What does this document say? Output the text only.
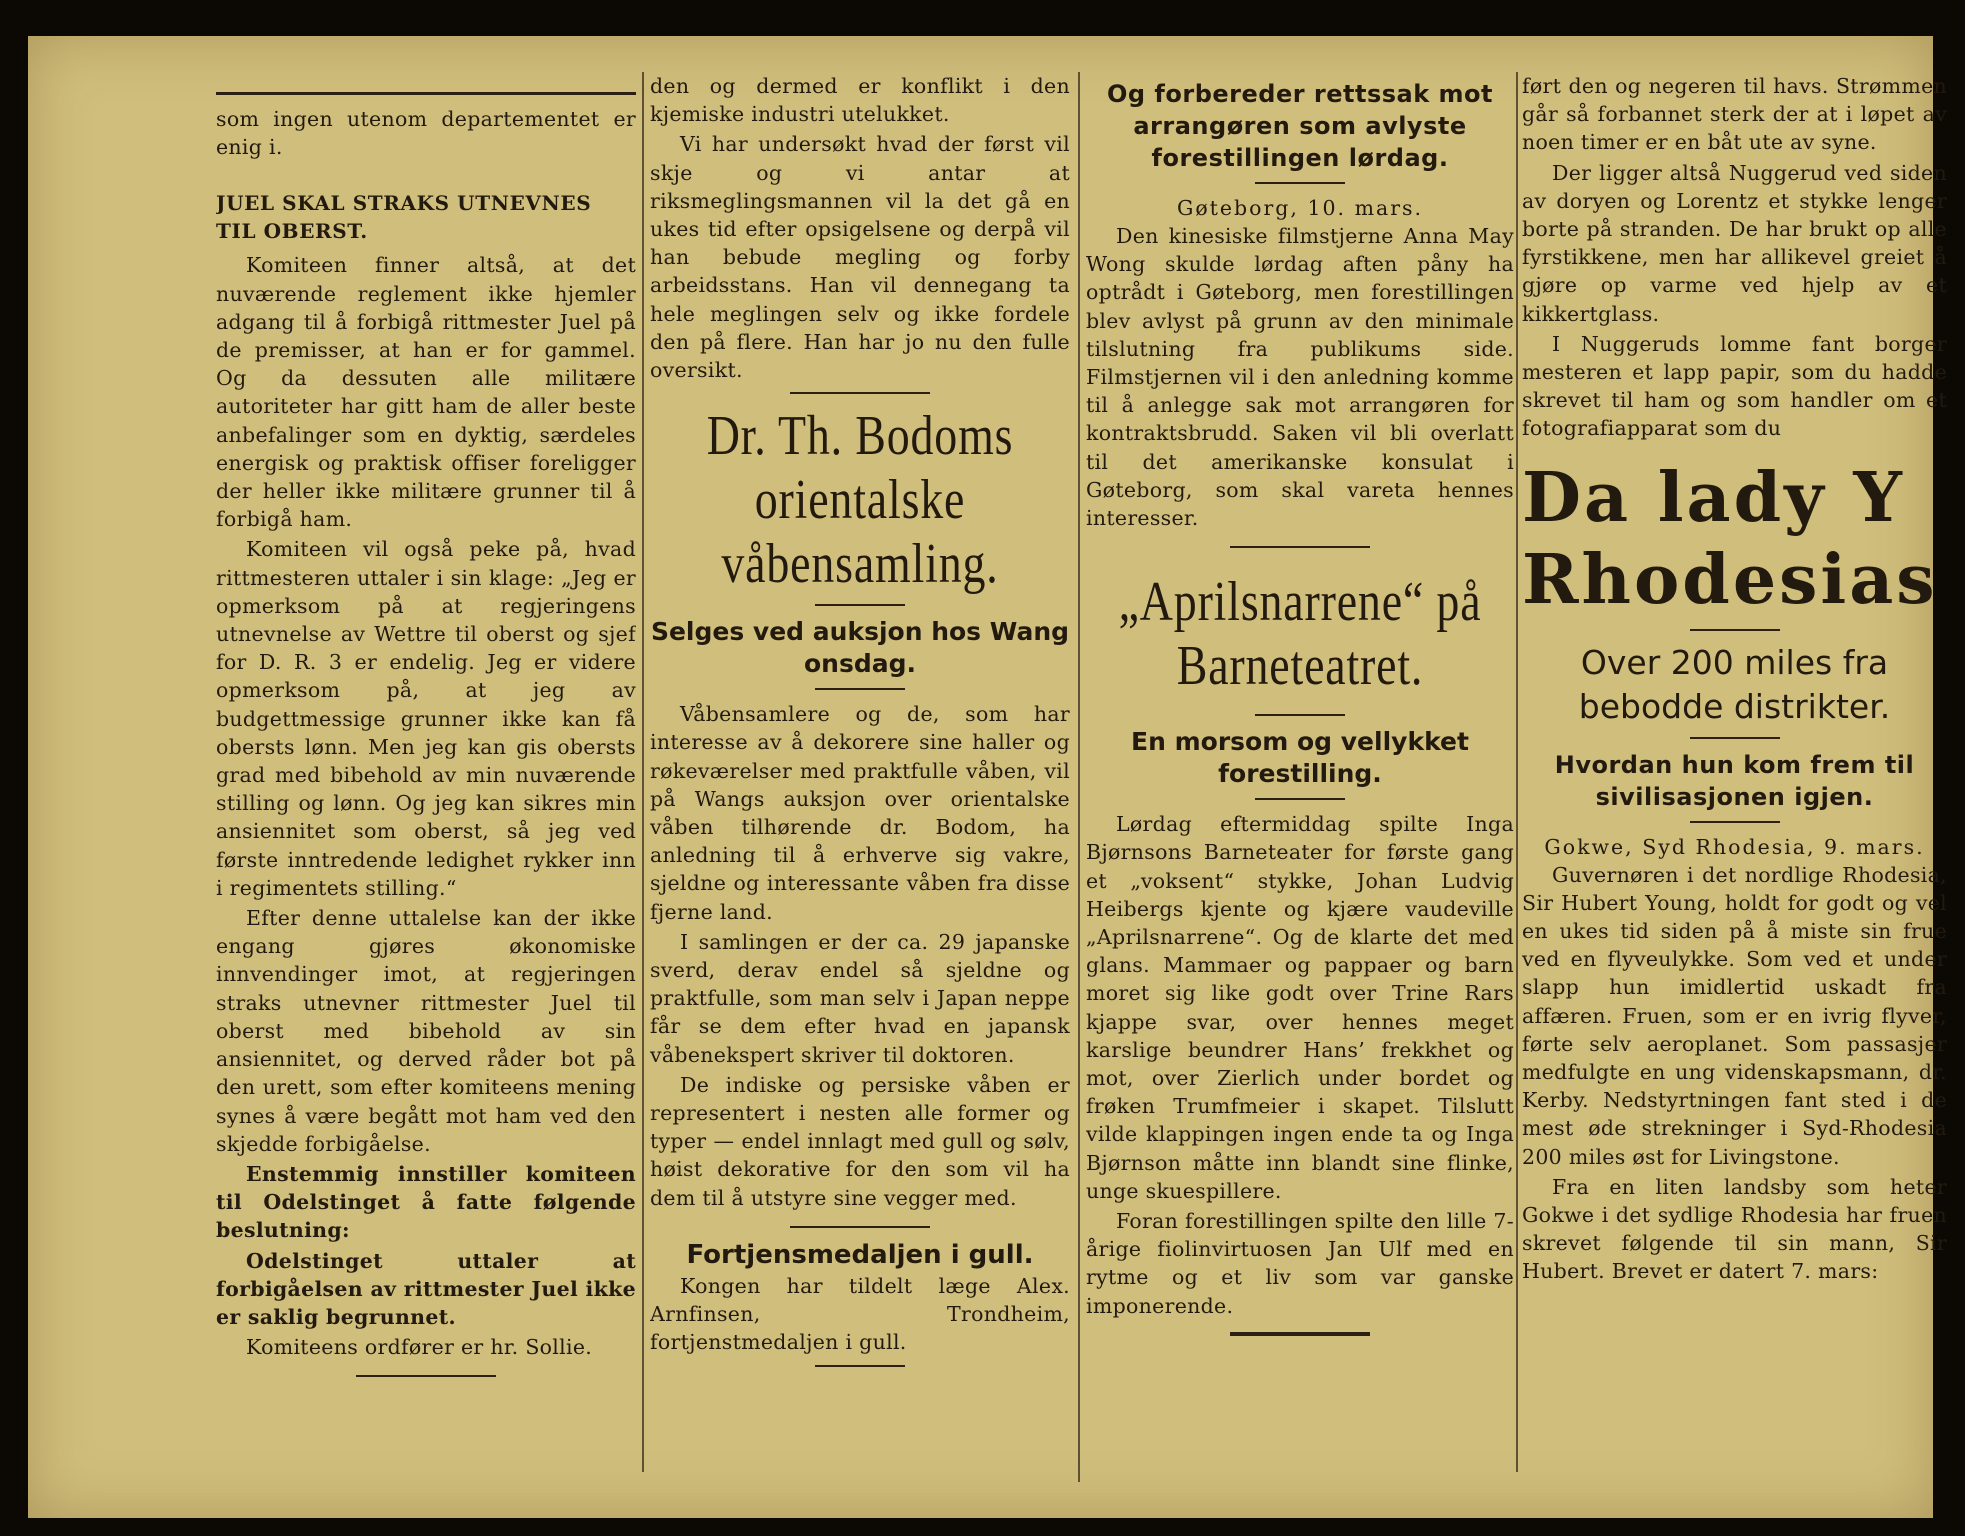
som ingen utenom departementet er enig i.

JUEL SKAL STRAKS UTNEVNES TIL OBERST.

Komiteen finner altså, at det nuværende reglement ikke hjemler adgang til å forbigå rittmester Juel på de premisser, at han er for gammel. Og da dessuten alle militære autoriteter har gitt ham de aller beste anbefalinger som en dyktig, særdeles energisk og praktisk offiser foreligger der heller ikke militære grunner til å forbigå ham.

Komiteen vil også peke på, hvad rittmesteren uttaler i sin klage: „Jeg er opmerksom på at regjeringens utnevnelse av Wettre til oberst og sjef for D. R. 3 er endelig. Jeg er videre opmerksom på, at jeg av budgettmessige grunner ikke kan få obersts lønn. Men jeg kan gis obersts grad med bibehold av min nuværende stilling og lønn. Og jeg kan sikres min ansiennitet som oberst, så jeg ved første inntredende ledighet rykker inn i regimentets stilling.“

Efter denne uttalelse kan der ikke engang gjøres økonomiske innvendinger imot, at regjeringen straks utnevner rittmester Juel til oberst med bibehold av sin ansiennitet, og derved råder bot på den urett, som efter komiteens mening synes å være begått mot ham ved den skjedde forbigåelse.

Enstemmig innstiller komiteen til Odelstinget å fatte følgende beslutning:

Odelstinget uttaler at forbigåelsen av rittmester Juel ikke er saklig begrunnet.

Komiteens ordfører er hr. Sollie.

den og dermed er konflikt i den kjemiske industri utelukket.

Vi har undersøkt hvad der først vil skje og vi antar at riksmeglingsmannen vil la det gå en ukes tid efter opsigelsene og derpå vil han bebude megling og forby arbeidsstans. Han vil dennegang ta hele meglingen selv og ikke fordele den på flere. Han har jo nu den fulle oversikt.

Dr. Th. Bodoms orientalske våbensamling.
Selges ved auksjon hos Wang onsdag.

Våbensamlere og de, som har interesse av å dekorere sine haller og røkeværelser med praktfulle våben, vil på Wangs auksjon over orientalske våben tilhørende dr. Bodom, ha anledning til å erhverve sig vakre, sjeldne og interessante våben fra disse fjerne land.

I samlingen er der ca. 29 japanske sverd, derav endel så sjeldne og praktfulle, som man selv i Japan neppe får se dem efter hvad en japansk våbenekspert skriver til doktoren.

De indiske og persiske våben er representert i nesten alle former og typer — endel innlagt med gull og sølv, høist dekorative for den som vil ha dem til å utstyre sine vegger med.

Fortjensmedaljen i gull.

Kongen har tildelt læge Alex. Arnfinsen, Trondheim, fortjenstmedaljen i gull.

Og forbereder rettssak mot arrangøren som avlyste forestillingen lørdag.
Gøteborg, 10. mars.

Den kinesiske filmstjerne Anna May Wong skulde lørdag aften påny ha optrådt i Gøteborg, men forestillingen blev avlyst på grunn av den minimale tilslutning fra publikums side. Filmstjernen vil i den anledning komme til å anlegge sak mot arrangøren for kontraktsbrudd. Saken vil bli overlatt til det amerikanske konsulat i Gøteborg, som skal vareta hennes interesser.

„Aprilsnarrene“ på Barneteatret.
En morsom og vellykket forestilling.

Lørdag eftermiddag spilte Inga Bjørnsons Barneteater for første gang et „voksent“ stykke, Johan Ludvig Heibergs kjente og kjære vaudeville „Aprilsnarrene“. Og de klarte det med glans. Mammaer og pappaer og barn moret sig like godt over Trine Rars kjappe svar, over hennes meget karslige beundrer Hans’ frekkhet og mot, over Zierlich under bordet og frøken Trumfmeier i skapet. Tilslutt vilde klappingen ingen ende ta og Inga Bjørnson måtte inn blandt sine flinke, unge skuespillere.

Foran forestillingen spilte den lille 7-årige fiolinvirtuosen Jan Ulf med en rytme og et liv som var ganske imponerende.

ført den og negeren til havs. Strømmen går så forbannet sterk der at i løpet av noen timer er en båt ute av syne.

Der ligger altså Nuggerud ved siden av doryen og Lorentz et stykke lenger borte på stranden. De har brukt op alle fyrstikkene, men har allikevel greiet å gjøre op varme ved hjelp av et kikkertglass.

I Nuggeruds lomme fant borger mesteren et lapp papir, som du hadde skrevet til ham og som handler om et fotografiapparat som du

Da lady Y
Rhodesias
Over 200 miles fra bebodde distrikter.
Hvordan hun kom frem til sivilisasjonen igjen.
Gokwe, Syd Rhodesia, 9. mars.

Guvernøren i det nordlige Rhodesia, Sir Hubert Young, holdt for godt og vel en ukes tid siden på å miste sin frue ved en flyveulykke. Som ved et under slapp hun imidlertid uskadt fra affæren. Fruen, som er en ivrig flyver, førte selv aeroplanet. Som passasjer medfulgte en ung videnskapsmann, dr. Kerby. Nedstyrtningen fant sted i de mest øde strekninger i Syd-Rhodesia 200 miles øst for Livingstone.

Fra en liten landsby som heter Gokwe i det sydlige Rhodesia har fruen skrevet følgende til sin mann, Sir Hubert. Brevet er datert 7. mars:
